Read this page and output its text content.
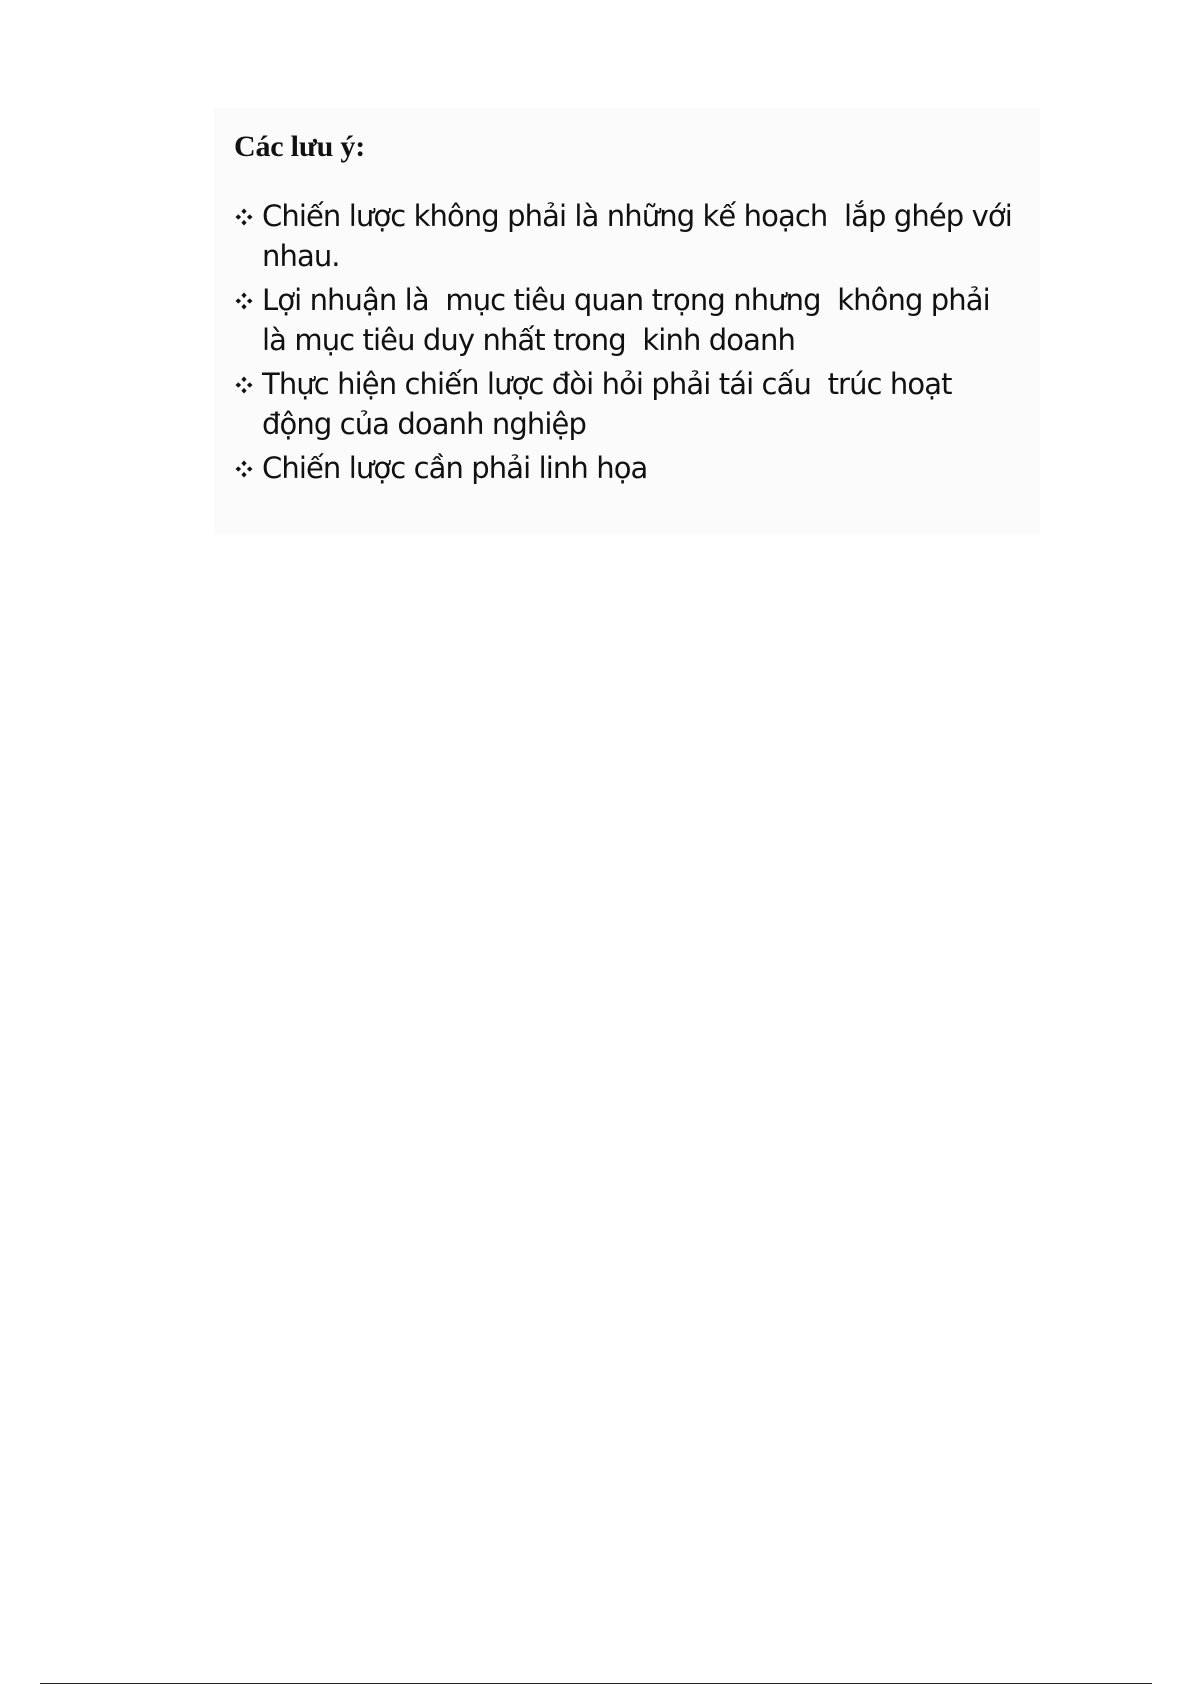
Các lưu ý:
Chiến lược không phải là những kế hoạch  lắp ghép với nhau.
Lợi nhuận là  mục tiêu quan trọng nhưng  không phải là mục tiêu duy nhất trong  kinh doanh
Thực hiện chiến lược đòi hỏi phải tái cấu  trúc hoạt động của doanh nghiệp
Chiến lược cần phải linh họa
